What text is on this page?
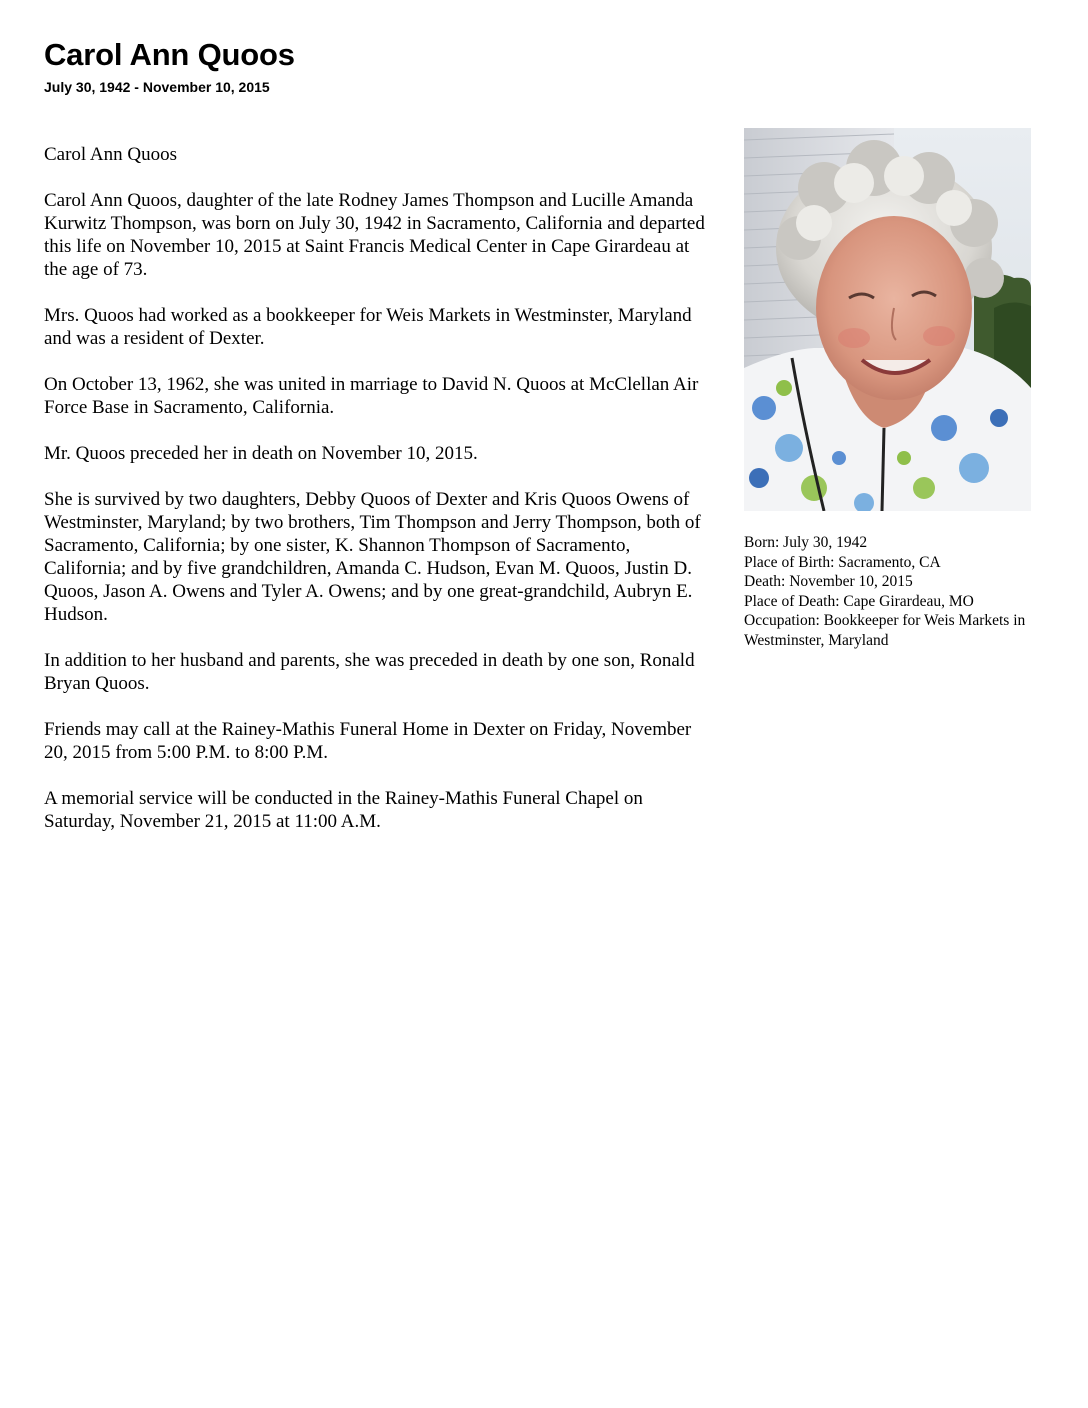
Carol Ann Quoos
July 30, 1942 - November 10, 2015

Carol Ann Quoos

Carol Ann Quoos, daughter of the late Rodney James Thompson and Lucille Amanda Kurwitz Thompson, was born on July 30, 1942 in Sacramento, California and departed this life on November 10, 2015 at Saint Francis Medical Center in Cape Girardeau at the age of 73.

Mrs. Quoos had worked as a bookkeeper for Weis Markets in Westminster, Maryland and was a resident of Dexter.

On October 13, 1962, she was united in marriage to David N. Quoos at McClellan Air Force Base in Sacramento, California.

Mr. Quoos preceded her in death on November 10, 2015.

She is survived by two daughters, Debby Quoos of Dexter and Kris Quoos Owens of Westminster, Maryland; by two brothers, Tim Thompson and Jerry Thompson, both of Sacramento, California; by one sister, K. Shannon Thompson of Sacramento, California; and by five grandchildren, Amanda C. Hudson, Evan M. Quoos, Justin D. Quoos, Jason A. Owens and Tyler A. Owens; and by one great-grandchild, Aubryn E. Hudson.

In addition to her husband and parents, she was preceded in death by one son, Ronald Bryan Quoos.

Friends may call at the Rainey-Mathis Funeral Home in Dexter on Friday, November 20, 2015 from 5:00 P.M. to 8:00 P.M.

A memorial service will be conducted in the Rainey-Mathis Funeral Chapel on Saturday, November 21, 2015 at 11:00 A.M.

Born: July 30, 1942
Place of Birth: Sacramento, CA
Death: November 10, 2015
Place of Death: Cape Girardeau, MO
Occupation: Bookkeeper for Weis Markets in Westminster, Maryland
